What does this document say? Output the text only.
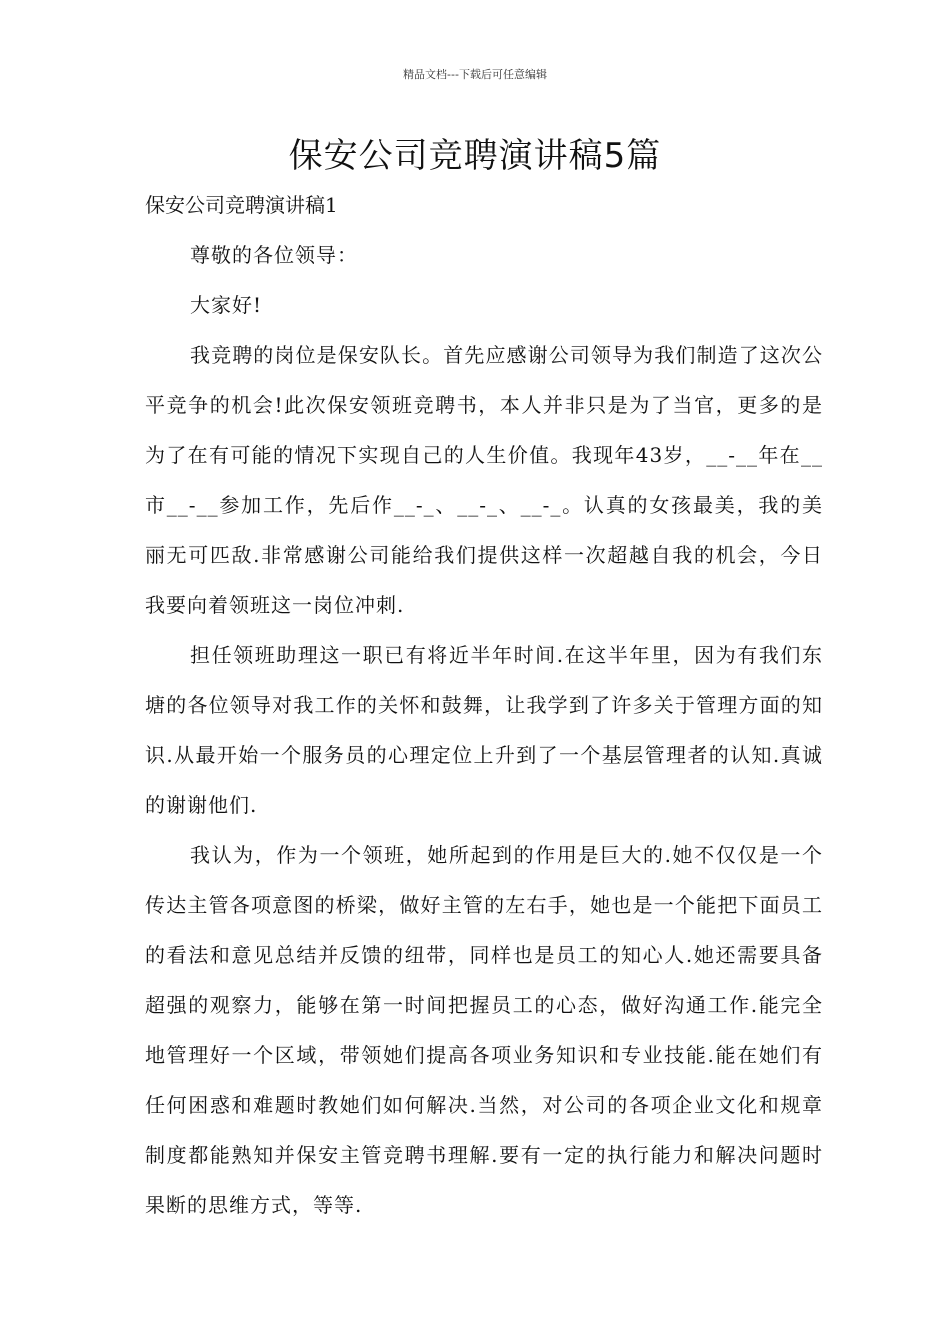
精品文档---下载后可任意编辑
保安公司竞聘演讲稿5篇

保安公司竞聘演讲稿1

尊敬的各位领导：

大家好!

我竞聘的岗位是保安队长。首先应感谢公司领导为我们制造了这次公平竞争的机会!此次保安领班竞聘书，本人并非只是为了当官，更多的是为了在有可能的情况下实现自己的人生价值。我现年43岁，__-__年在__市__-__参加工作，先后作__-_、__-_、__-_。认真的女孩最美，我的美丽无可匹敌.非常感谢公司能给我们提供这样一次超越自我的机会，今日我要向着领班这一岗位冲刺.

担任领班助理这一职已有将近半年时间.在这半年里，因为有我们东塘的各位领导对我工作的关怀和鼓舞，让我学到了许多关于管理方面的知识.从最开始一个服务员的心理定位上升到了一个基层管理者的认知.真诚的谢谢他们.

我认为，作为一个领班，她所起到的作用是巨大的.她不仅仅是一个传达主管各项意图的桥梁，做好主管的左右手，她也是一个能把下面员工的看法和意见总结并反馈的纽带，同样也是员工的知心人.她还需要具备超强的观察力，能够在第一时间把握员工的心态，做好沟通工作.能完全地管理好一个区域，带领她们提高各项业务知识和专业技能.能在她们有任何困惑和难题时教她们如何解决.当然，对公司的各项企业文化和规章制度都能熟知并保安主管竞聘书理解.要有一定的执行能力和解决问题时果断的思维方式，等等.
